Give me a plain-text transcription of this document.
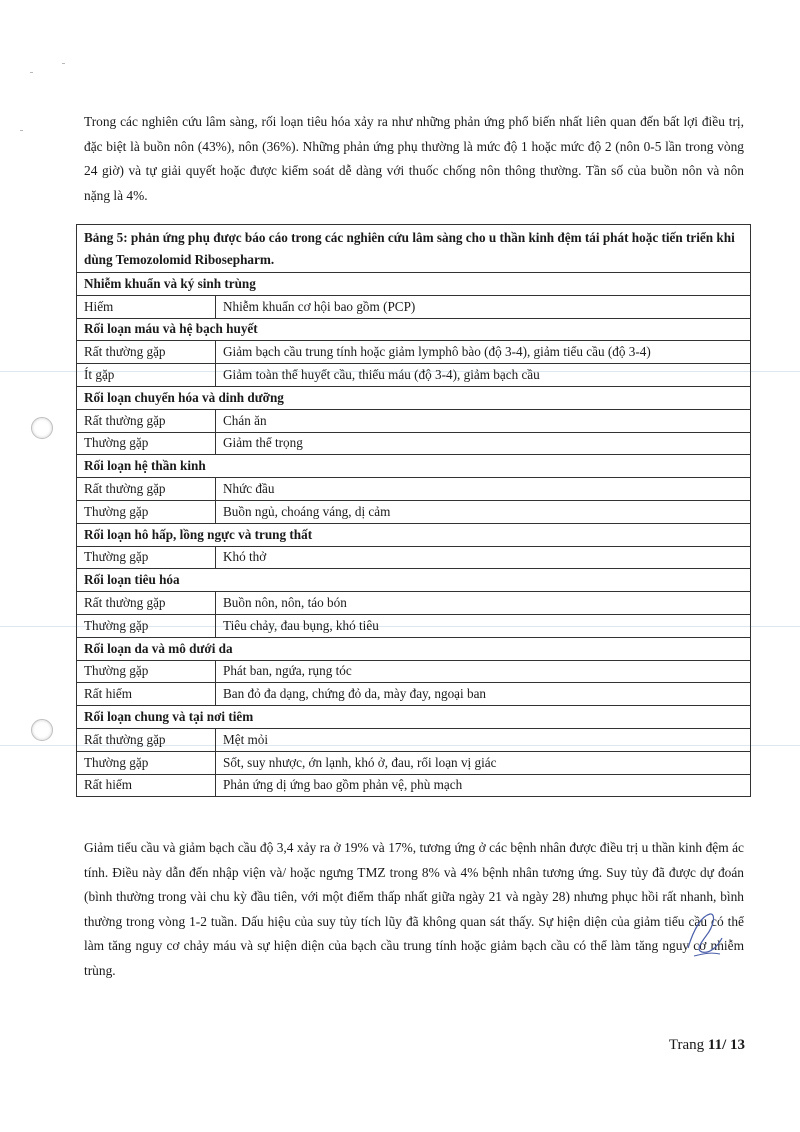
Trong các nghiên cứu lâm sàng, rối loạn tiêu hóa xảy ra như những phản ứng phổ biến nhất liên quan đến bất lợi điều trị, đặc biệt là buồn nôn (43%), nôn (36%). Những phản ứng phụ thường là mức độ 1 hoặc mức độ 2 (nôn 0-5 lần trong vòng 24 giờ) và tự giải quyết hoặc được kiểm soát dễ dàng với thuốc chống nôn thông thường. Tần số của buồn nôn và nôn nặng là 4%.

Bảng 5: phản ứng phụ được báo cáo trong các nghiên cứu lâm sàng cho u thần kinh đệm tái phát hoặc tiến triển khi dùng Temozolomid Ribosepharm.	
Nhiễm khuẩn và ký sinh trùng	
Hiếm	Nhiễm khuẩn cơ hội bao gồm (PCP)
Rối loạn máu và hệ bạch huyết	
Rất thường gặp	Giảm bạch cầu trung tính hoặc giảm lymphô bào (độ 3-4), giảm tiểu cầu (độ 3-4)
Ít gặp	Giảm toàn thể huyết cầu, thiếu máu (độ 3-4), giảm bạch cầu
Rối loạn chuyển hóa và dinh dưỡng	
Rất thường gặp	Chán ăn
Thường gặp	Giảm thể trọng
Rối loạn hệ thần kinh	
Rất thường gặp	Nhức đầu
Thường gặp	Buồn ngủ, choáng váng, dị cảm
Rối loạn hô hấp, lồng ngực và trung thất	
Thường gặp	Khó thở
Rối loạn tiêu hóa	
Rất thường gặp	Buồn nôn, nôn, táo bón
Thường gặp	Tiêu chảy, đau bụng, khó tiêu
Rối loạn da và mô dưới da	
Thường gặp	Phát ban, ngứa, rụng tóc
Rất hiếm	Ban đỏ đa dạng, chứng đỏ da, mày đay, ngoại ban
Rối loạn chung và tại nơi tiêm	
Rất thường gặp	Mệt mỏi
Thường gặp	Sốt, suy nhược, ớn lạnh, khó ở, đau, rối loạn vị giác
Rất hiếm	Phản ứng dị ứng bao gồm phản vệ, phù mạch

Giảm tiểu cầu và giảm bạch cầu độ 3,4 xảy ra ở 19% và 17%, tương ứng ở các bệnh nhân được điều trị u thần kinh đệm ác tính. Điều này dẫn đến nhập viện và/ hoặc ngưng TMZ trong 8% và 4% bệnh nhân tương ứng. Suy tủy đã được dự đoán (bình thường trong vài chu kỳ đầu tiên, với một điểm thấp nhất giữa ngày 21 và ngày 28) nhưng phục hồi rất nhanh, bình thường trong vòng 1-2 tuần. Dấu hiệu của suy tủy tích lũy đã không quan sát thấy. Sự hiện diện của giảm tiểu cầu có thể làm tăng nguy cơ chảy máu và sự hiện diện của bạch cầu trung tính hoặc giảm bạch cầu có thể làm tăng nguy cơ nhiễm trùng.

Trang 11/ 13
